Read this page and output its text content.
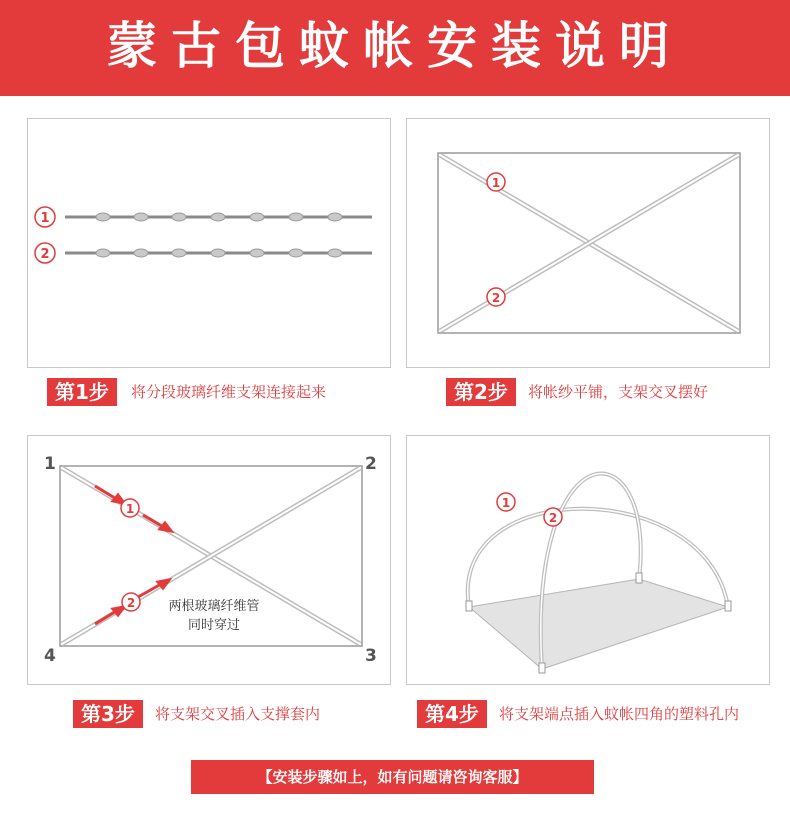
蒙古包蚊帐安装说明
1
2
1
2
第1步	将分段玻璃纤维支架连接起来	第2步	将帐纱平铺，支架交叉摆好
1
2
1	2
3
4
两根玻璃纤维管
同时穿过
1
2
第3步	将支架交叉插入支撑套内	第4步	将支架端点插入蚊帐四角的塑料孔内
【安装步骤如上，如有问题请咨询客服】
